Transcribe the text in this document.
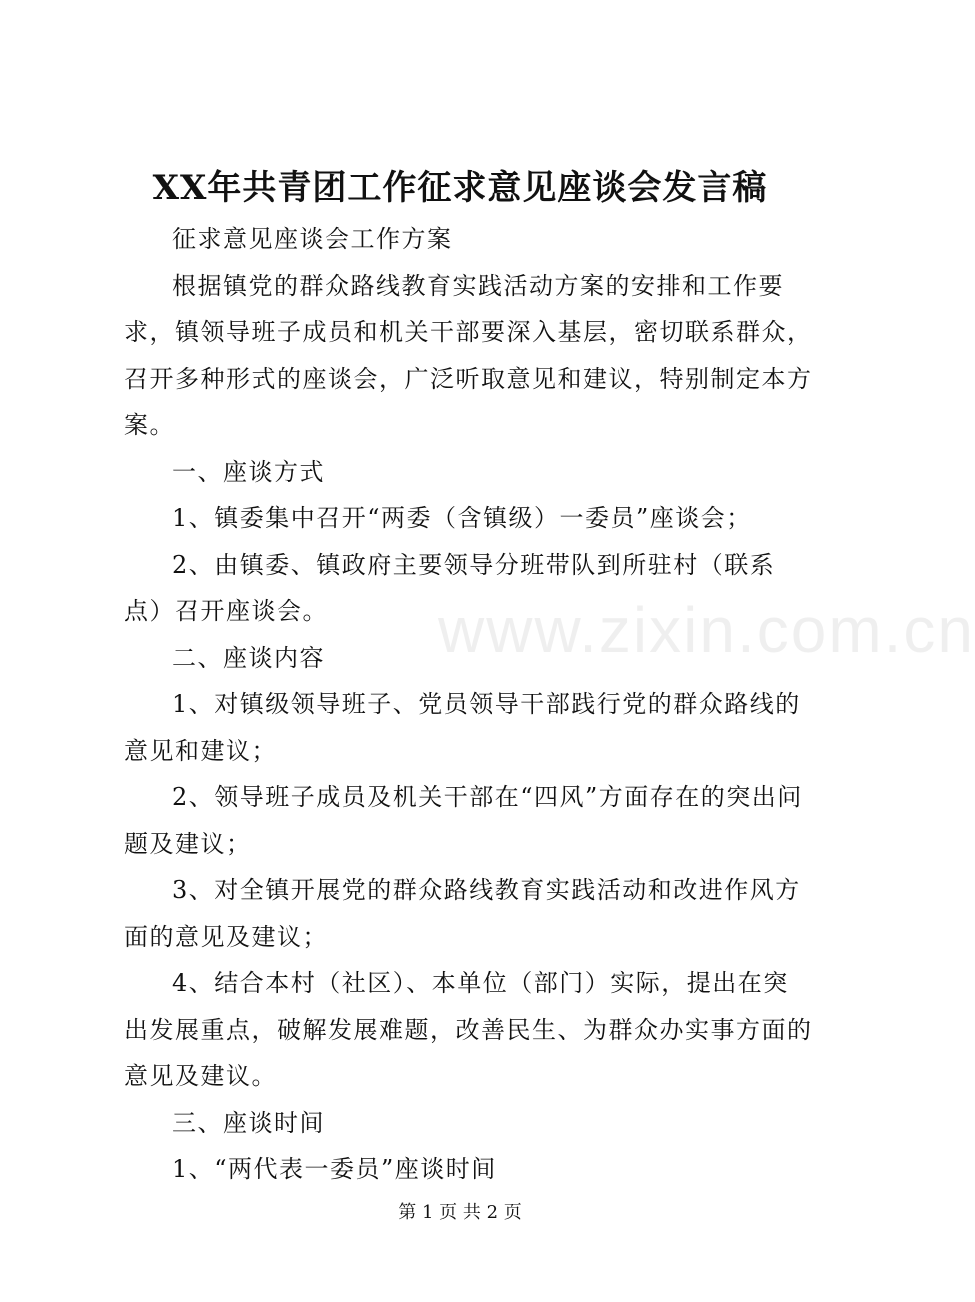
XX年共青团工作征求意见座谈会发言稿

征求意见座谈会工作方案

根据镇党的群众路线教育实践活动方案的安排和工作要求，镇领导班子成员和机关干部要深入基层，密切联系群众，召开多种形式的座谈会，广泛听取意见和建议，特别制定本方案。

一、座谈方式

1、镇委集中召开“两委（含镇级）一委员”座谈会；

2、由镇委、镇政府主要领导分班带队到所驻村（联系点）召开座谈会。

二、座谈内容

1、对镇级领导班子、党员领导干部践行党的群众路线的意见和建议；

2、领导班子成员及机关干部在“四风”方面存在的突出问题及建议；

3、对全镇开展党的群众路线教育实践活动和改进作风方面的意见及建议；

4、结合本村（社区）、本单位（部门）实际，提出在突出发展重点，破解发展难题，改善民生、为群众办实事方面的意见及建议。

三、座谈时间

1、“两代表一委员”座谈时间

www.zixin.com.cn
第 1 页 共 2 页
